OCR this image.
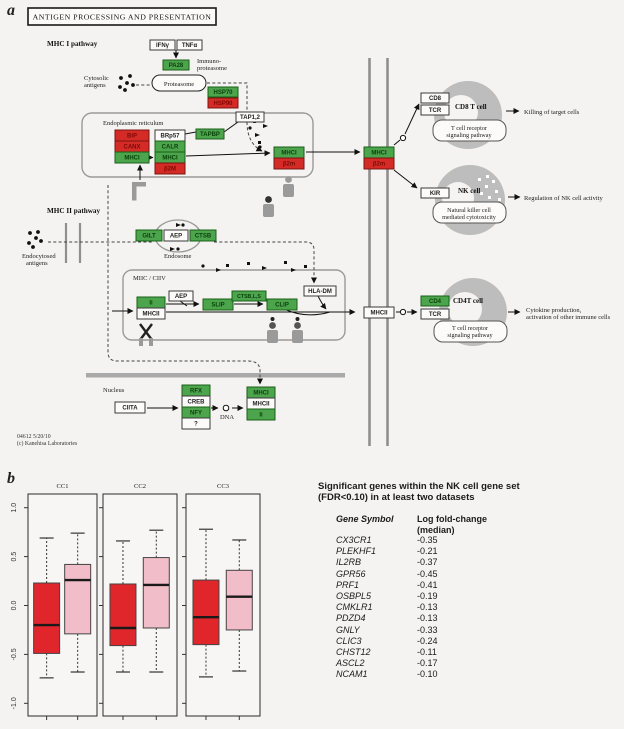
a ANTIGEN PROCESSING AND PRESENTATION
IFNγ TNFα
PA28
HSP70
HSP90
TAP1,2
BiP
CANX
MHCI
BRp57
CALR
MHCI
β2M
TAPBP
MHCI
β2m
MHCI
β2m
CD8
TCR
KIR
GILT AEP CTSB
Ii
MHCII
AEP
SLIP
CTSB,L,S
CLIP
HLA-DM
MHCII
CD4
TCR
CIITA
RFX
CREB
NFY
?
MHCI
MHCII
Ii
MHC I pathway
MHC II pathway
Endoplasmic reticulum
Endosome
MIIC / CIIV
Nucleus
Proteasome
Immuno-
proteasome
Cytosolic
antigens
Endocytosed
antigens
DNA
CD8 T cell
NK cell
CD4T cell
T cell receptor
signaling pathway
Natural killer cell
mediated cytotoxicity
T cell receptor
signaling pathway
Killing of target cells
Regulation of NK cell activity
Cytokine production,
activation of other immune cells
04612 5/20/10
(c) Kanehisa Laboratories
b	CC1	CC2	CC3
1.0
0.5
0.0
-0.5
-1.0
Significant genes within the NK cell gene set
(FDR<0.10) in at least two datasets
Gene Symbol	Log fold-change
(median)
CX3CR1	-0.35
PLEKHF1	-0.21
IL2RB	-0.37
GPR56	-0.45
PRF1	-0.41
OSBPL5	-0.19
CMKLR1	-0.13
PDZD4	-0.13
GNLY	-0.33
CLIC3	-0.24
CHST12	-0.11
ASCL2	-0.17
NCAM1	-0.10
